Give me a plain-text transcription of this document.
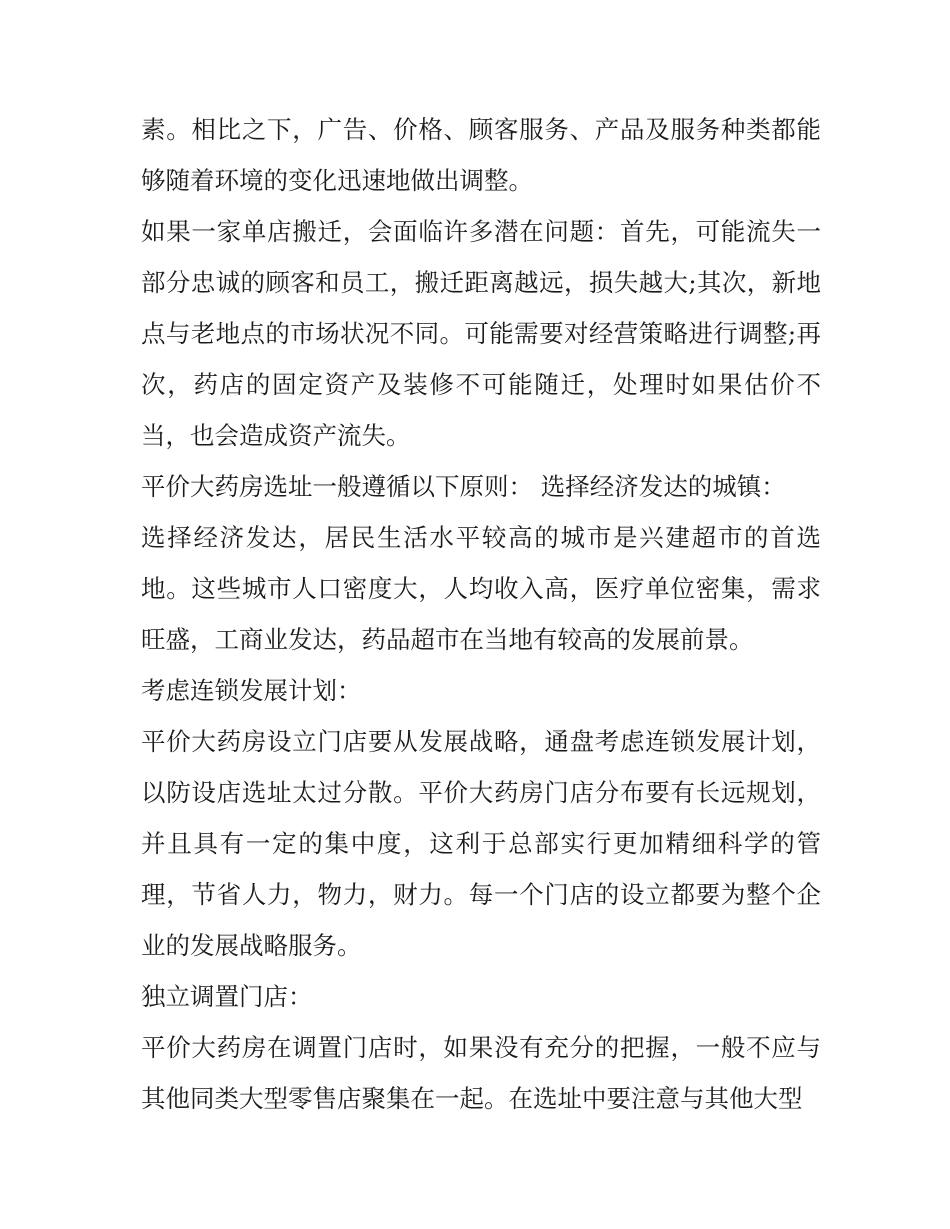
素。相比之下，广告、价格、顾客服务、产品及服务种类都能够随着环境的变化迅速地做出调整。

如果一家单店搬迁，会面临许多潜在问题：首先，可能流失一部分忠诚的顾客和员工，搬迁距离越远，损失越大;其次，新地点与老地点的市场状况不同。可能需要对经营策略进行调整;再次，药店的固定资产及装修不可能随迁，处理时如果估价不当，也会造成资产流失。

平价大药房选址一般遵循以下原则： 选择经济发达的城镇：

选择经济发达，居民生活水平较高的城市是兴建超市的首选地。这些城市人口密度大，人均收入高，医疗单位密集，需求旺盛，工商业发达，药品超市在当地有较高的发展前景。

考虑连锁发展计划：

平价大药房设立门店要从发展战略，通盘考虑连锁发展计划，以防设店选址太过分散。平价大药房门店分布要有长远规划，并且具有一定的集中度，这利于总部实行更加精细科学的管理，节省人力，物力，财力。每一个门店的设立都要为整个企业的发展战略服务。

独立调置门店：

平价大药房在调置门店时，如果没有充分的把握，一般不应与其他同类大型零售店聚集在一起。在选址中要注意与其他大型
